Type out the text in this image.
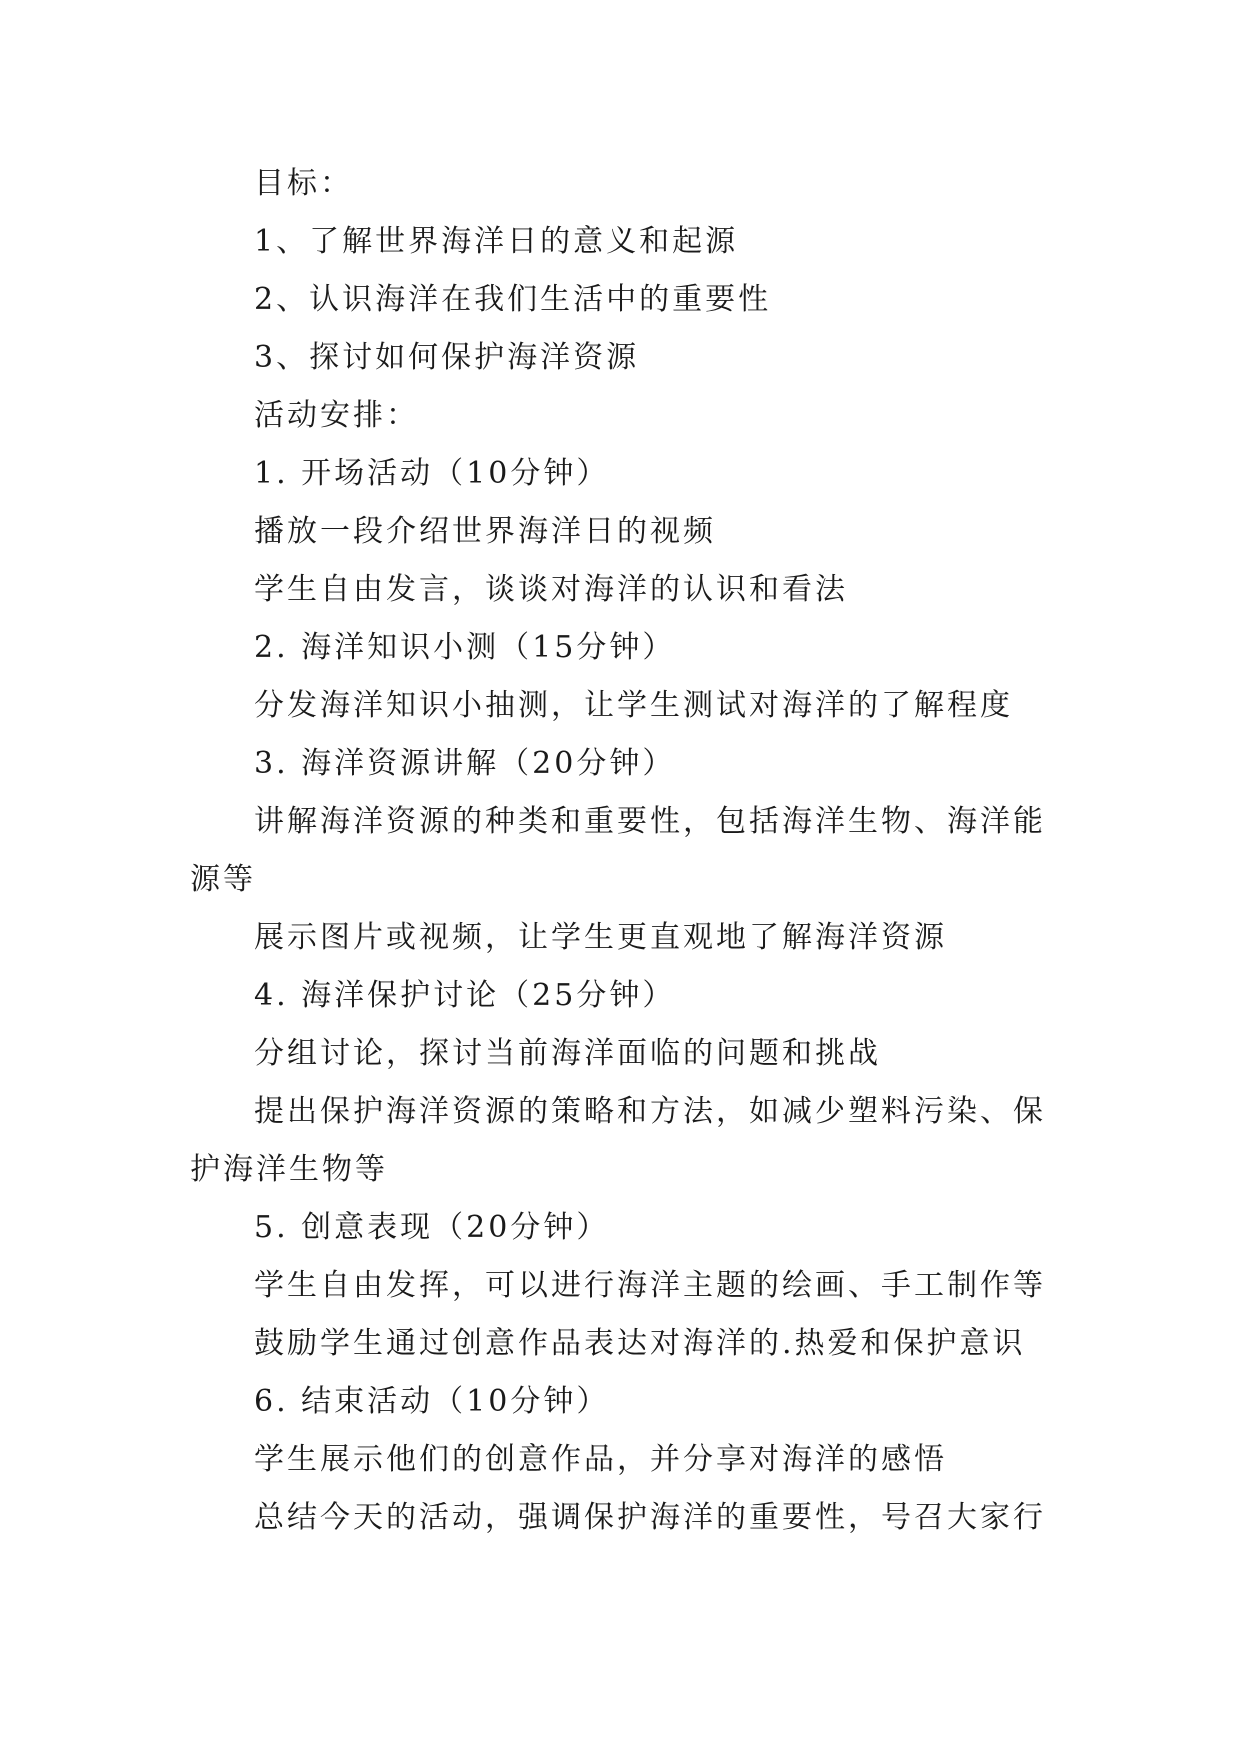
目标：
1、了解世界海洋日的意义和起源
2、认识海洋在我们生活中的重要性
3、探讨如何保护海洋资源
活动安排：
1. 开场活动（10分钟）
播放一段介绍世界海洋日的视频
学生自由发言，谈谈对海洋的认识和看法
2. 海洋知识小测（15分钟）
分发海洋知识小抽测，让学生测试对海洋的了解程度
3. 海洋资源讲解（20分钟）
讲解海洋资源的种类和重要性，包括海洋生物、海洋能
源等
展示图片或视频，让学生更直观地了解海洋资源
4. 海洋保护讨论（25分钟）
分组讨论，探讨当前海洋面临的问题和挑战
提出保护海洋资源的策略和方法，如减少塑料污染、保
护海洋生物等
5. 创意表现（20分钟）
学生自由发挥，可以进行海洋主题的绘画、手工制作等
鼓励学生通过创意作品表达对海洋的.热爱和保护意识
6. 结束活动（10分钟）
学生展示他们的创意作品，并分享对海洋的感悟
总结今天的活动，强调保护海洋的重要性，号召大家行
